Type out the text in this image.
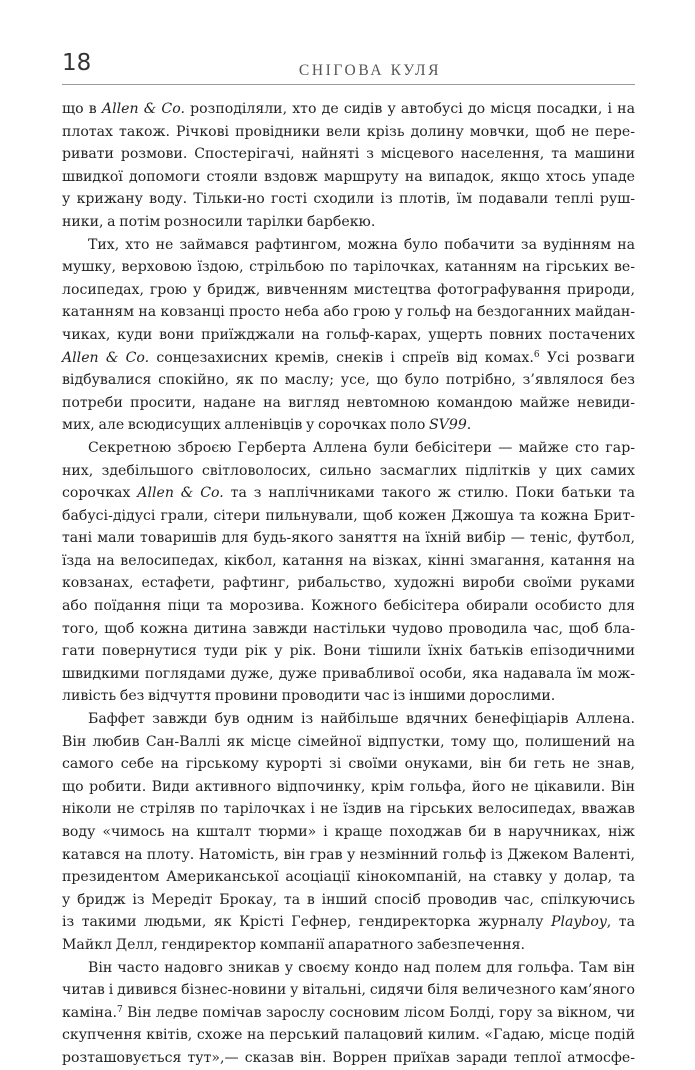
18	СНІГОВА КУЛЯ
що в Allen & Co. розподіляли, хто де сидів у автобусі до місця посадки, і на
плотах також. Річкові провідники вели крізь долину мовчки, щоб не пере-
ривати розмови. Спостерігачі, найняті з місцевого населення, та машини
швидкої допомоги стояли вздовж маршруту на випадок, якщо хтось упаде
у крижану воду. Тільки-но гості сходили із плотів, їм подавали теплі руш-
ники, а потім розносили тарілки барбекю.
Тих, хто не займався рафтингом, можна було побачити за вудінням на
мушку, верховою їздою, стрільбою по тарілочках, катанням на гірських ве-
лосипедах, грою у бридж, вивченням мистецтва фотографування природи,
катанням на ковзанці просто неба або грою у гольф на бездоганних майдан-
чиках, куди вони приїжджали на гольф-карах, ущерть повних постачених
Allen & Co. сонцезахисних кремів, снеків і спреїв від комах.$^6$ Усі розваги
відбувалися спокійно, як по маслу; усе, що було потрібно, з’являлося без
потреби просити, надане на вигляд невтомною командою майже невиди-
мих, але всюдисущих алленівців у сорочках поло SV99.
Секретною зброєю Герберта Аллена були бебісітери — майже сто гар-
них, здебільшого світловолосих, сильно засмаглих підлітків у цих самих
сорочках Allen & Co. та з наплічниками такого ж стилю. Поки батьки та
бабусі-дідусі грали, сітери пильнували, щоб кожен Джошуа та кожна Брит-
тані мали товаришів для будь-якого заняття на їхній вибір — теніс, футбол,
їзда на велосипедах, кікбол, катання на візках, кінні змагання, катання на
ковзанах, естафети, рафтинг, рибальство, художні вироби своїми руками
або поїдання піци та морозива. Кожного бебісітера обирали особисто для
того, щоб кожна дитина завжди настільки чудово проводила час, щоб бла-
гати повернутися туди рік у рік. Вони тішили їхніх батьків епізодичними
швидкими поглядами дуже, дуже привабливої особи, яка надавала їм мож-
ливість без відчуття провини проводити час із іншими дорослими.
Баффет завжди був одним із найбільше вдячних бенефіціарів Аллена.
Він любив Сан-Валлі як місце сімейної відпустки, тому що, полишений на
самого себе на гірському курорті зі своїми онуками, він би геть не знав,
що робити. Види активного відпочинку, крім гольфа, його не цікавили. Він
ніколи не стріляв по тарілочках і не їздив на гірських велосипедах, вважав
воду «чимось на кшталт тюрми» і краще походжав би в наручниках, ніж
катався на плоту. Натомість, він грав у незмінний гольф із Джеком Валенті,
президентом Американської асоціації кінокомпаній, на ставку у долар, та
у бридж із Мередіт Брокау, та в інший спосіб проводив час, спілкуючись
із такими людьми, як Крісті Гефнер, гендиректорка журналу Playboy, та
Майкл Делл, гендиректор компанії апаратного забезпечення.
Він часто надовго зникав у своєму кондо над полем для гольфа. Там він
читав і дивився бізнес-новини у вітальні, сидячи біля величезного кам’яного
каміна.$^7$ Він ледве помічав зарослу сосновим лісом Болді, гору за вікном, чи
скупчення квітів, схоже на перський палацовий килим. «Гадаю, місце подій
розташовується тут»,— сказав він. Воррен приїхав заради теплої атмосфе-
